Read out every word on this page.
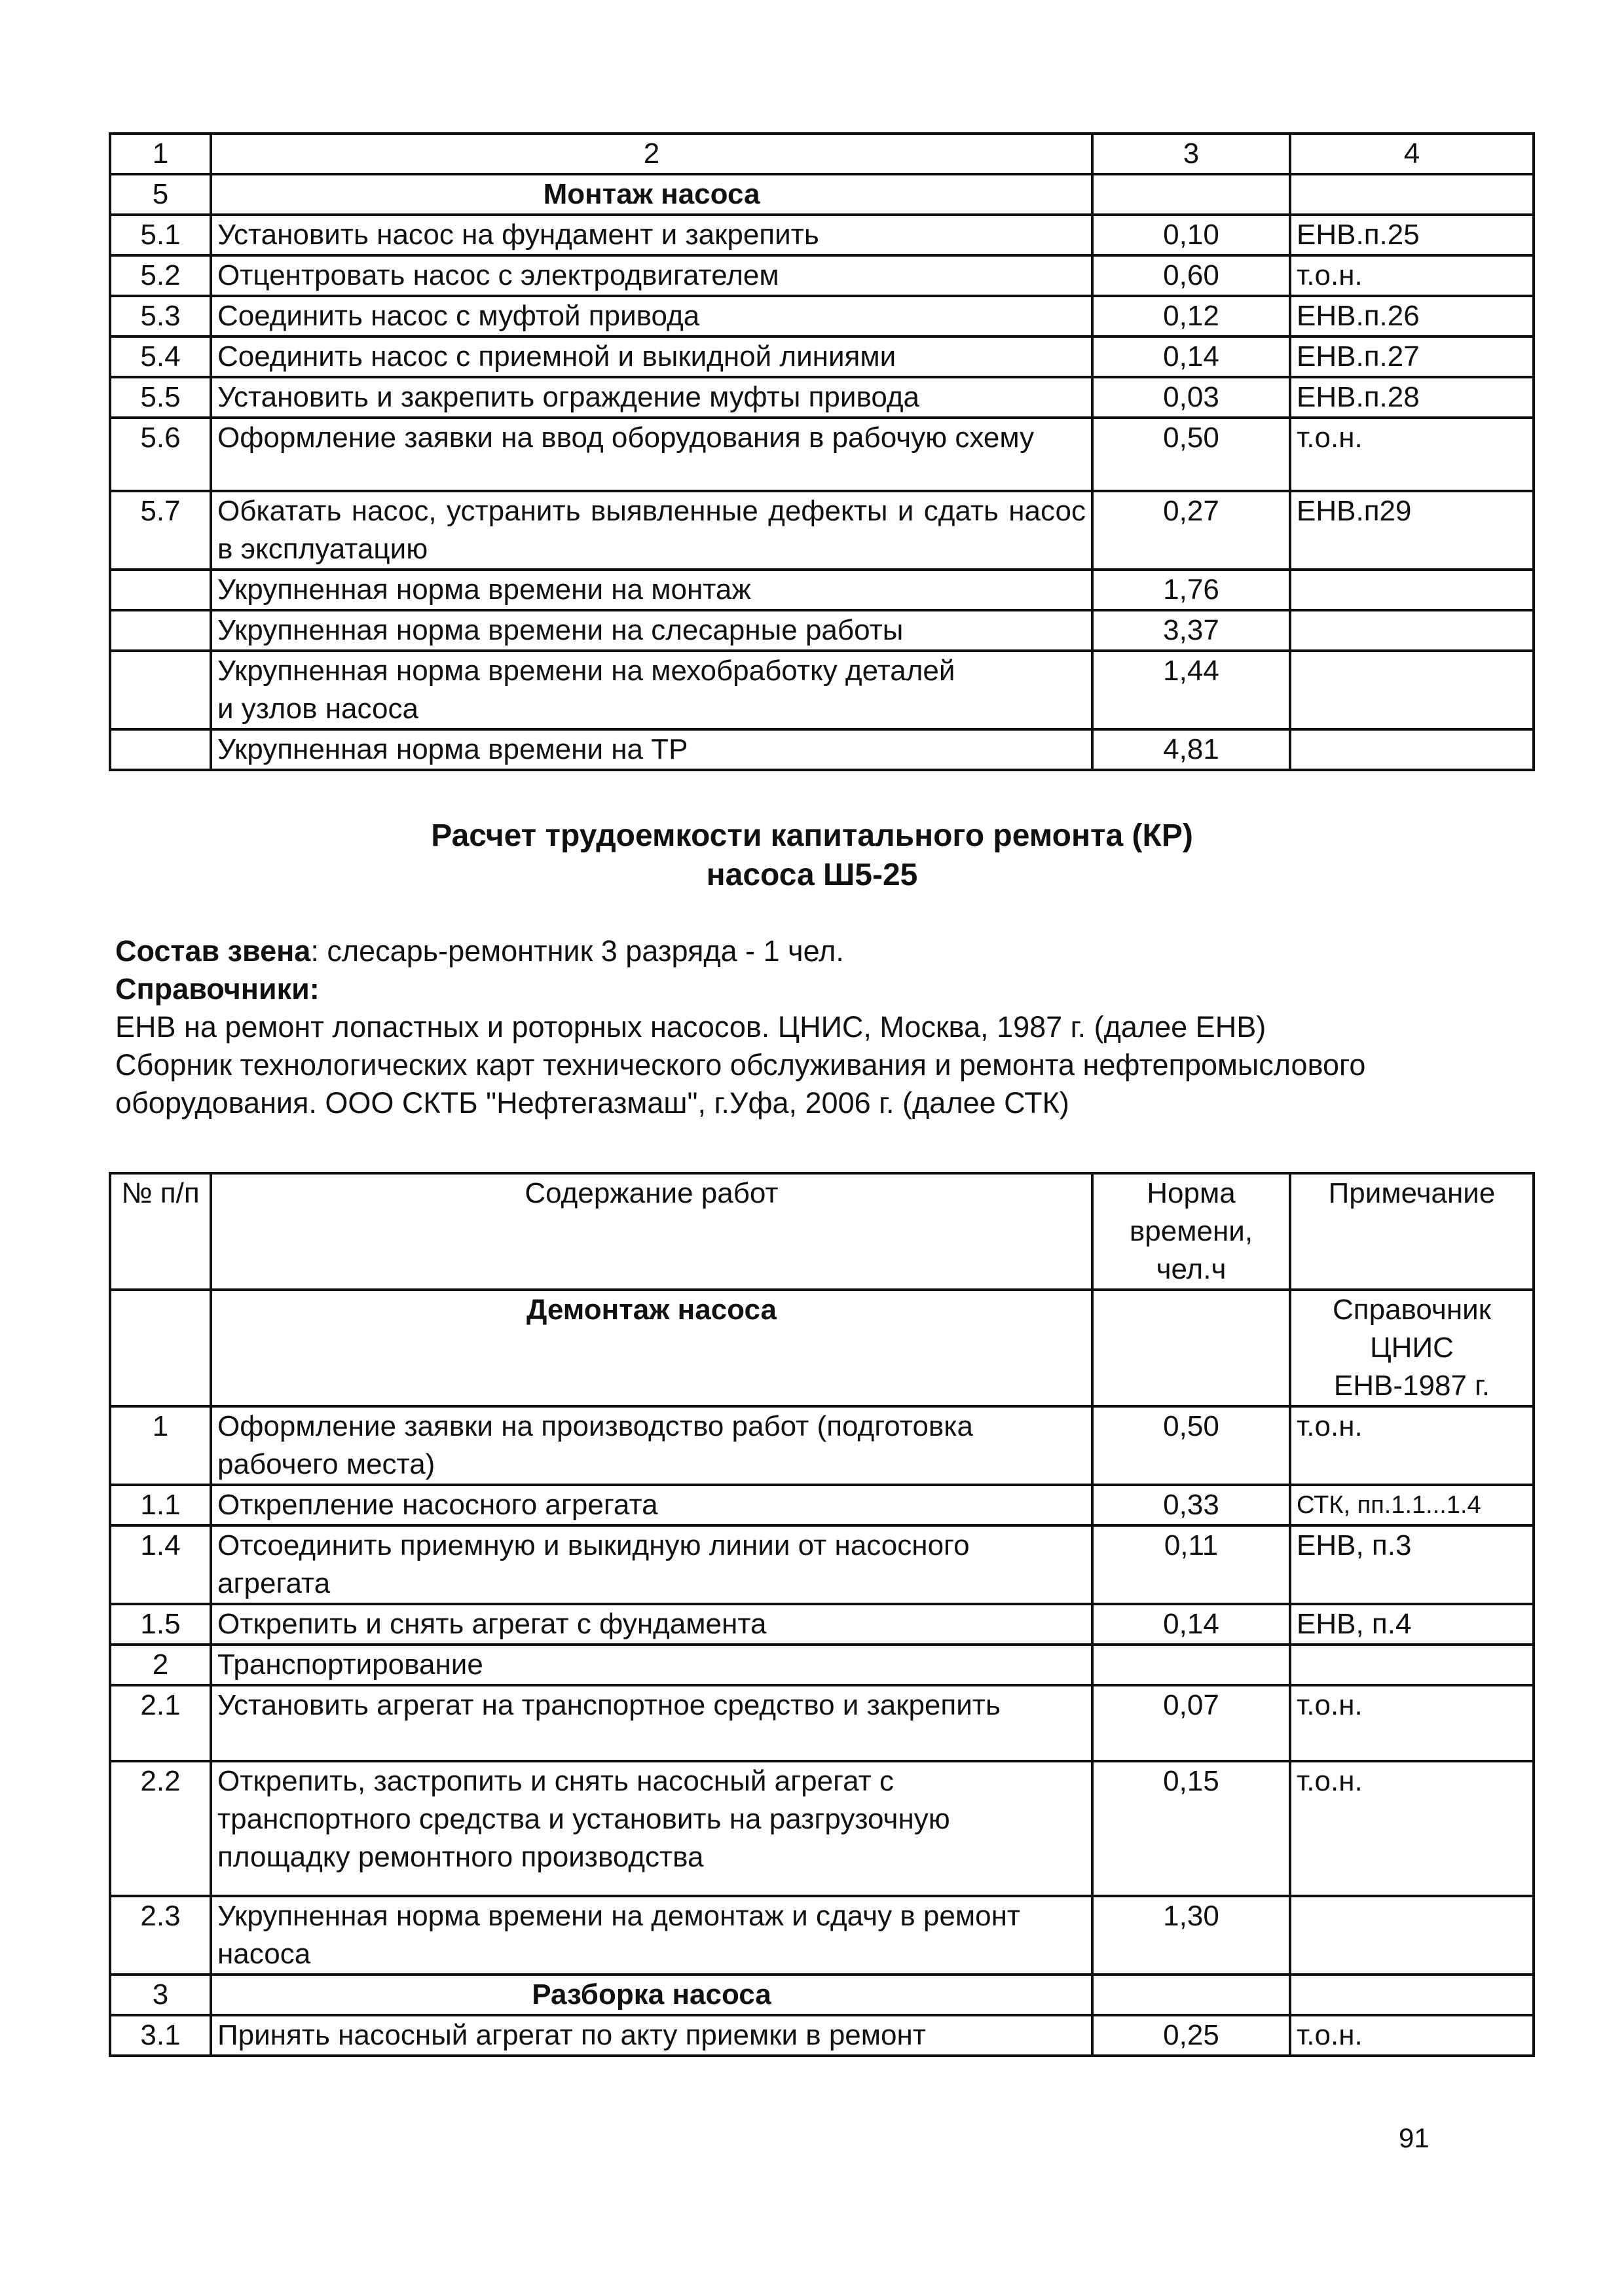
1	2	3	4
5	Монтаж насоса		
5.1	Установить насос на фундамент и закрепить	0,10	ЕНВ.п.25
5.2	Отцентровать насос с электродвигателем	0,60	т.о.н.
5.3	Соединить насос с муфтой привода	0,12	ЕНВ.п.26
5.4	Соединить насос с приемной и выкидной линиями	0,14	ЕНВ.п.27
5.5	Установить и закрепить ограждение муфты привода	0,03	ЕНВ.п.28
5.6	Оформление заявки на ввод оборудования в рабочую схему	0,50	т.о.н.
5.7	Обкатать насос, устранить выявленные дефекты и сдать насос в эксплуатацию	0,27	ЕНВ.п29
	Укрупненная норма времени на монтаж	1,76	
	Укрупненная норма времени на слесарные работы	3,37	
	Укрупненная норма времени на мехобработку деталей и узлов насоса	1,44	
	Укрупненная норма времени на ТР	4,81	
Расчет трудоемкости капитального ремонта (КР)
насоса Ш5-25
Состав звена: слесарь-ремонтник 3 разряда - 1 чел.
Справочники:
ЕНВ на ремонт лопастных и роторных насосов. ЦНИС, Москва, 1987 г. (далее ЕНВ)
Сборник технологических карт технического обслуживания и ремонта нефтепромыслового
оборудования. ООО СКТБ "Нефтегазмаш", г.Уфа, 2006 г. (далее СТК)
№ п/п	Содержание работ	Норма времени, чел.ч	Примечание
	Демонтаж насоса		Справочник ЦНИС ЕНВ-1987 г.
1	Оформление заявки на производство работ (подготовка рабочего места)	0,50	т.о.н.
1.1	Открепление насосного агрегата	0,33	СТК, пп.1.1...1.4
1.4	Отсоединить приемную и выкидную линии от насосного агрегата	0,11	ЕНВ, п.3
1.5	Открепить и снять агрегат с фундамента	0,14	ЕНВ, п.4
2	Транспортирование		
2.1	Установить агрегат на транспортное средство и закрепить	0,07	т.о.н.
2.2	Открепить, застропить и снять насосный агрегат с транспортного средства и установить на разгрузочную площадку ремонтного производства	0,15	т.о.н.
2.3	Укрупненная норма времени на демонтаж и сдачу в ремонт насоса	1,30	
3	Разборка насоса		
3.1	Принять насосный агрегат по акту приемки в ремонт	0,25	т.о.н.
91
